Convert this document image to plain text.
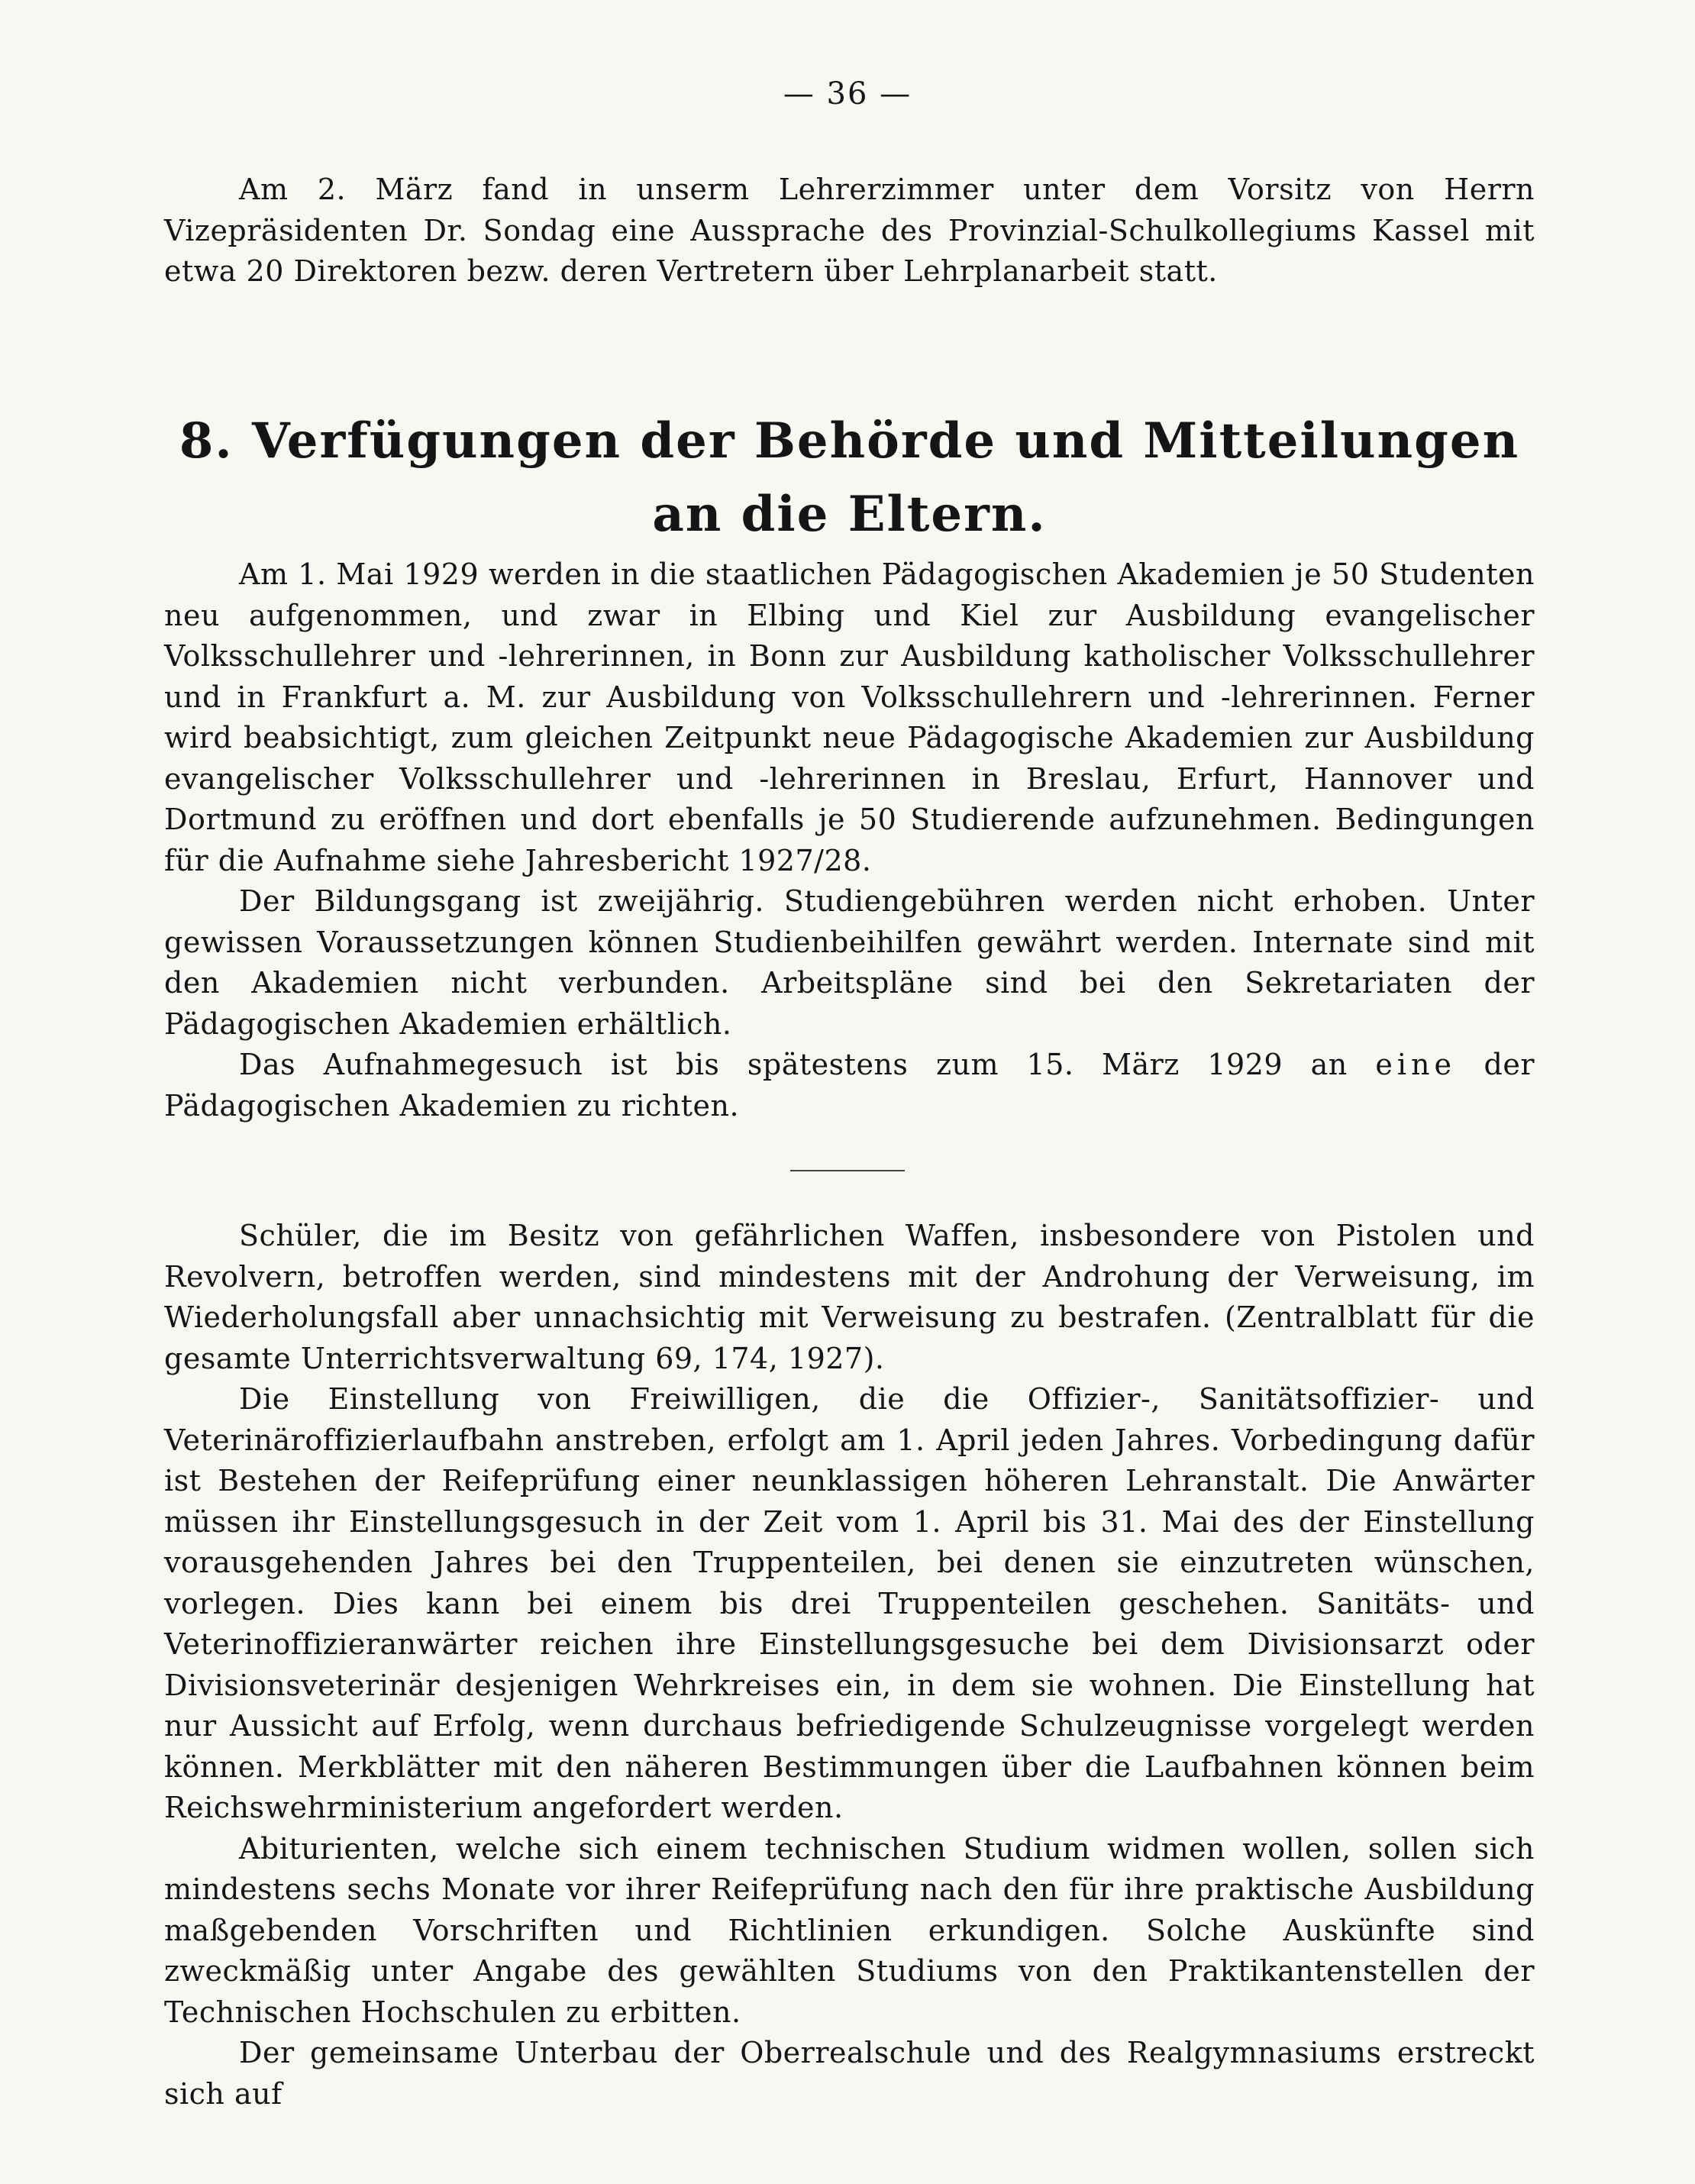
— 36 —

Am 2. März fand in unserm Lehrerzimmer unter dem Vorsitz von Herrn Vizepräsidenten Dr. Sondag eine Aussprache des Provinzial-Schulkollegiums Kassel mit etwa 20 Direktoren bezw. deren Vertretern über Lehrplanarbeit statt.

8. Verfügungen der Behörde und Mitteilungen
an die Eltern.

Am 1. Mai 1929 werden in die staatlichen Pädagogischen Akademien je 50 Studenten neu aufgenommen, und zwar in Elbing und Kiel zur Ausbildung evangelischer Volksschullehrer und -lehrerinnen, in Bonn zur Ausbildung katholischer Volksschullehrer und in Frankfurt a. M. zur Ausbildung von Volksschullehrern und -lehrerinnen. Ferner wird beabsichtigt, zum gleichen Zeitpunkt neue Pädagogische Akademien zur Ausbildung evangelischer Volksschullehrer und -lehrerinnen in Breslau, Erfurt, Hannover und Dortmund zu eröffnen und dort ebenfalls je 50 Studierende aufzunehmen. Bedingungen für die Aufnahme siehe Jahresbericht 1927/28.

Der Bildungsgang ist zweijährig. Studiengebühren werden nicht erhoben. Unter gewissen Voraussetzungen können Studienbeihilfen gewährt werden. Internate sind mit den Akademien nicht verbunden. Arbeitspläne sind bei den Sekretariaten der Pädagogischen Akademien erhältlich.

Das Aufnahmegesuch ist bis spätestens zum 15. März 1929 an eine der Pädagogischen Akademien zu richten.

Schüler, die im Besitz von gefährlichen Waffen, insbesondere von Pistolen und Revolvern, betroffen werden, sind mindestens mit der Androhung der Verweisung, im Wiederholungsfall aber unnachsichtig mit Verweisung zu bestrafen. (Zentralblatt für die gesamte Unterrichtsverwaltung 69, 174, 1927).

Die Einstellung von Freiwilligen, die die Offizier-, Sanitätsoffizier- und Veterinäroffizierlaufbahn anstreben, erfolgt am 1. April jeden Jahres. Vorbedingung dafür ist Bestehen der Reifeprüfung einer neunklassigen höheren Lehranstalt. Die Anwärter müssen ihr Einstellungsgesuch in der Zeit vom 1. April bis 31. Mai des der Einstellung vorausgehenden Jahres bei den Truppenteilen, bei denen sie einzutreten wünschen, vorlegen. Dies kann bei einem bis drei Truppenteilen geschehen. Sanitäts- und Veterinoffizieranwärter reichen ihre Einstellungsgesuche bei dem Divisionsarzt oder Divisionsveterinär desjenigen Wehrkreises ein, in dem sie wohnen. Die Einstellung hat nur Aussicht auf Erfolg, wenn durchaus befriedigende Schulzeugnisse vorgelegt werden können. Merkblätter mit den näheren Bestimmungen über die Laufbahnen können beim Reichswehrministerium angefordert werden.

Abiturienten, welche sich einem technischen Studium widmen wollen, sollen sich mindestens sechs Monate vor ihrer Reifeprüfung nach den für ihre praktische Ausbildung maßgebenden Vorschriften und Richtlinien erkundigen. Solche Auskünfte sind zweckmäßig unter Angabe des gewählten Studiums von den Praktikantenstellen der Technischen Hochschulen zu erbitten.

Der gemeinsame Unterbau der Oberrealschule und des Realgymnasiums erstreckt sich auf
